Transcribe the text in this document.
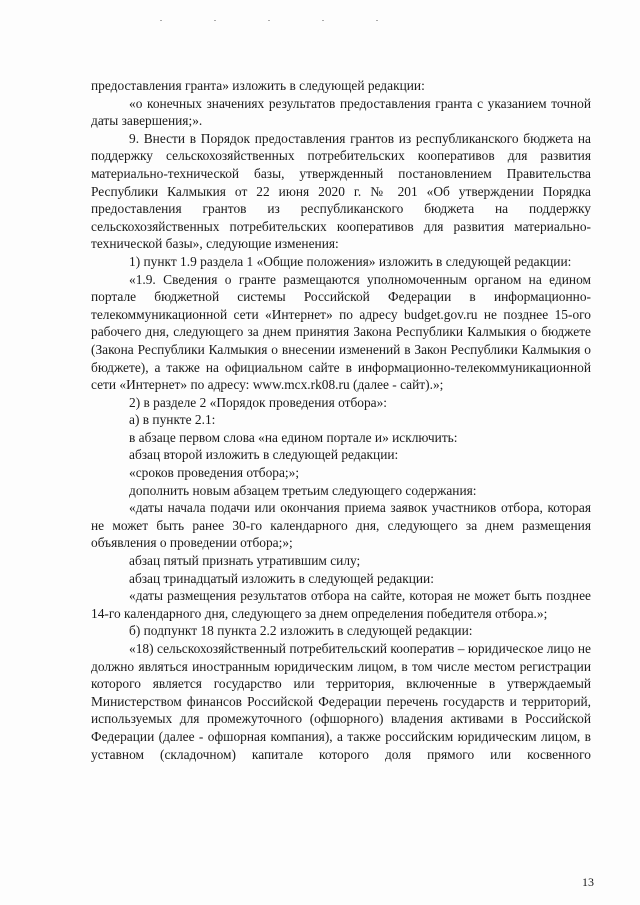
предоставления гранта» изложить в следующей редакции:

«о конечных значениях результатов предоставления гранта с указанием точной даты завершения;».

9. Внести в Порядок предоставления грантов из республиканского бюджета на поддержку сельскохозяйственных потребительских кооперативов для развития материально-технической базы, утвержденный постановлением Правительства Республики Калмыкия от 22 июня 2020 г. № 201 «Об утверждении Порядка предоставления грантов из республиканского бюджета на поддержку сельскохозяйственных потребительских кооперативов для развития материально-технической базы», следующие изменения:

1) пункт 1.9 раздела 1 «Общие положения» изложить в следующей редакции:

«1.9. Сведения о гранте размещаются уполномоченным органом на едином портале бюджетной системы Российской Федерации в информационно-телекоммуникационной сети «Интернет» по адресу budget.gov.ru не позднее 15-ого рабочего дня, следующего за днем принятия Закона Республики Калмыкия о бюджете (Закона Республики Калмыкия о внесении изменений в Закон Республики Калмыкия о бюджете), а также на официальном сайте в информационно-телекоммуникационной сети «Интернет» по адресу: www.mcx.rk08.ru (далее - сайт).»;

2) в разделе 2 «Порядок проведения отбора»:

а) в пункте 2.1:

в абзаце первом слова «на едином портале и» исключить:

абзац второй изложить в следующей редакции:

«сроков проведения отбора;»;

дополнить новым абзацем третьим следующего содержания:

«даты начала подачи или окончания приема заявок участников отбора, которая не может быть ранее 30-го календарного дня, следующего за днем размещения объявления о проведении отбора;»;

абзац пятый признать утратившим силу;

абзац тринадцатый изложить в следующей редакции:

«даты размещения результатов отбора на сайте, которая не может быть позднее 14-го календарного дня, следующего за днем определения победителя отбора.»;

б) подпункт 18 пункта 2.2 изложить в следующей редакции:

«18) сельскохозяйственный потребительский кооператив – юридическое лицо не должно являться иностранным юридическим лицом, в том числе местом регистрации которого является государство или территория, включенные в утверждаемый Министерством финансов Российской Федерации перечень государств и территорий, используемых для промежуточного (офшорного) владения активами в Российской Федерации (далее - офшорная компания), а также российским юридическим лицом, в уставном (складочном) капитале которого доля прямого или косвенного

13
